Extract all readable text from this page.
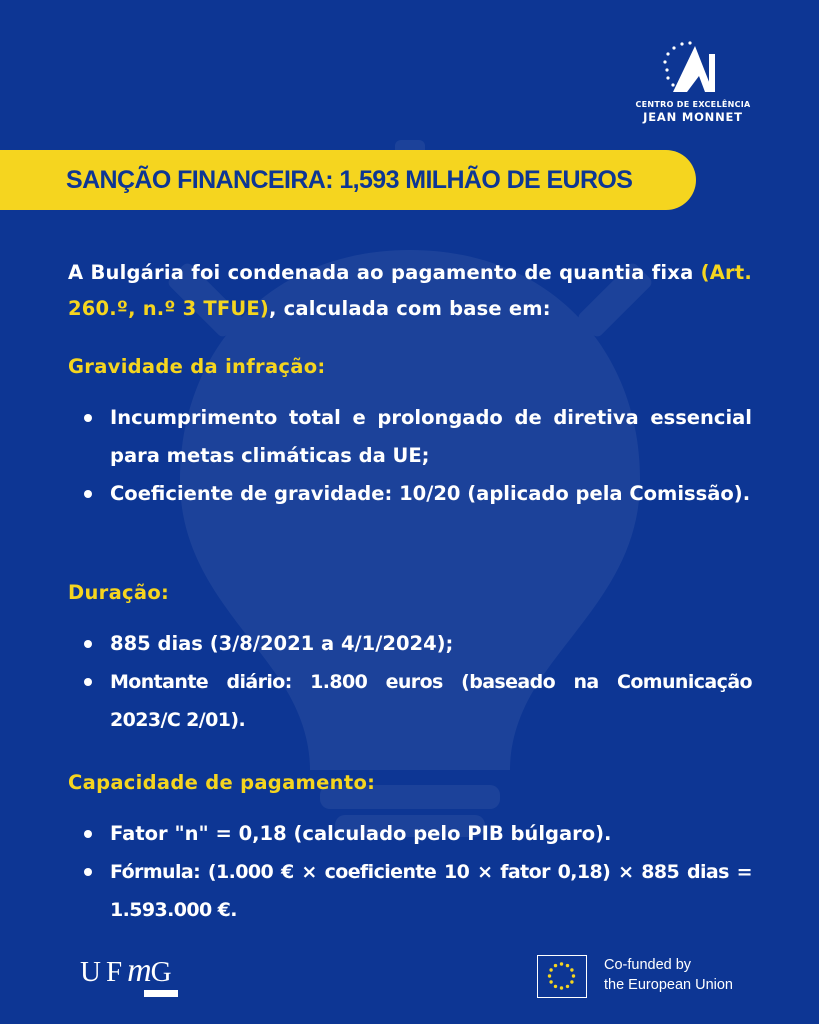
CENTRO DE EXCELÊNCIA
JEAN MONNET
SANÇÃO FINANCEIRA: 1,593 MILHÃO DE EUROS
A Bulgária foi condenada ao pagamento de quantia fixa (Art. 260.º, n.º 3 TFUE), calculada com base em:
Gravidade da infração:
Incumprimento total e prolongado de diretiva essencial para metas climáticas da UE;
Coeficiente de gravidade: 10/20 (aplicado pela Comissão).
Duração:
885 dias (3/8/2021 a 4/1/2024);
Montante diário: 1.800 euros (baseado na Comunicação 2023/C 2/01).
Capacidade de pagamento:
Fator "n" = 0,18 (calculado pelo PIB búlgaro).
Fórmula: (1.000 € × coeficiente 10 × fator 0,18) × 885 dias = 1.593.000 €.
UFmG	Co-funded by
the European Union
